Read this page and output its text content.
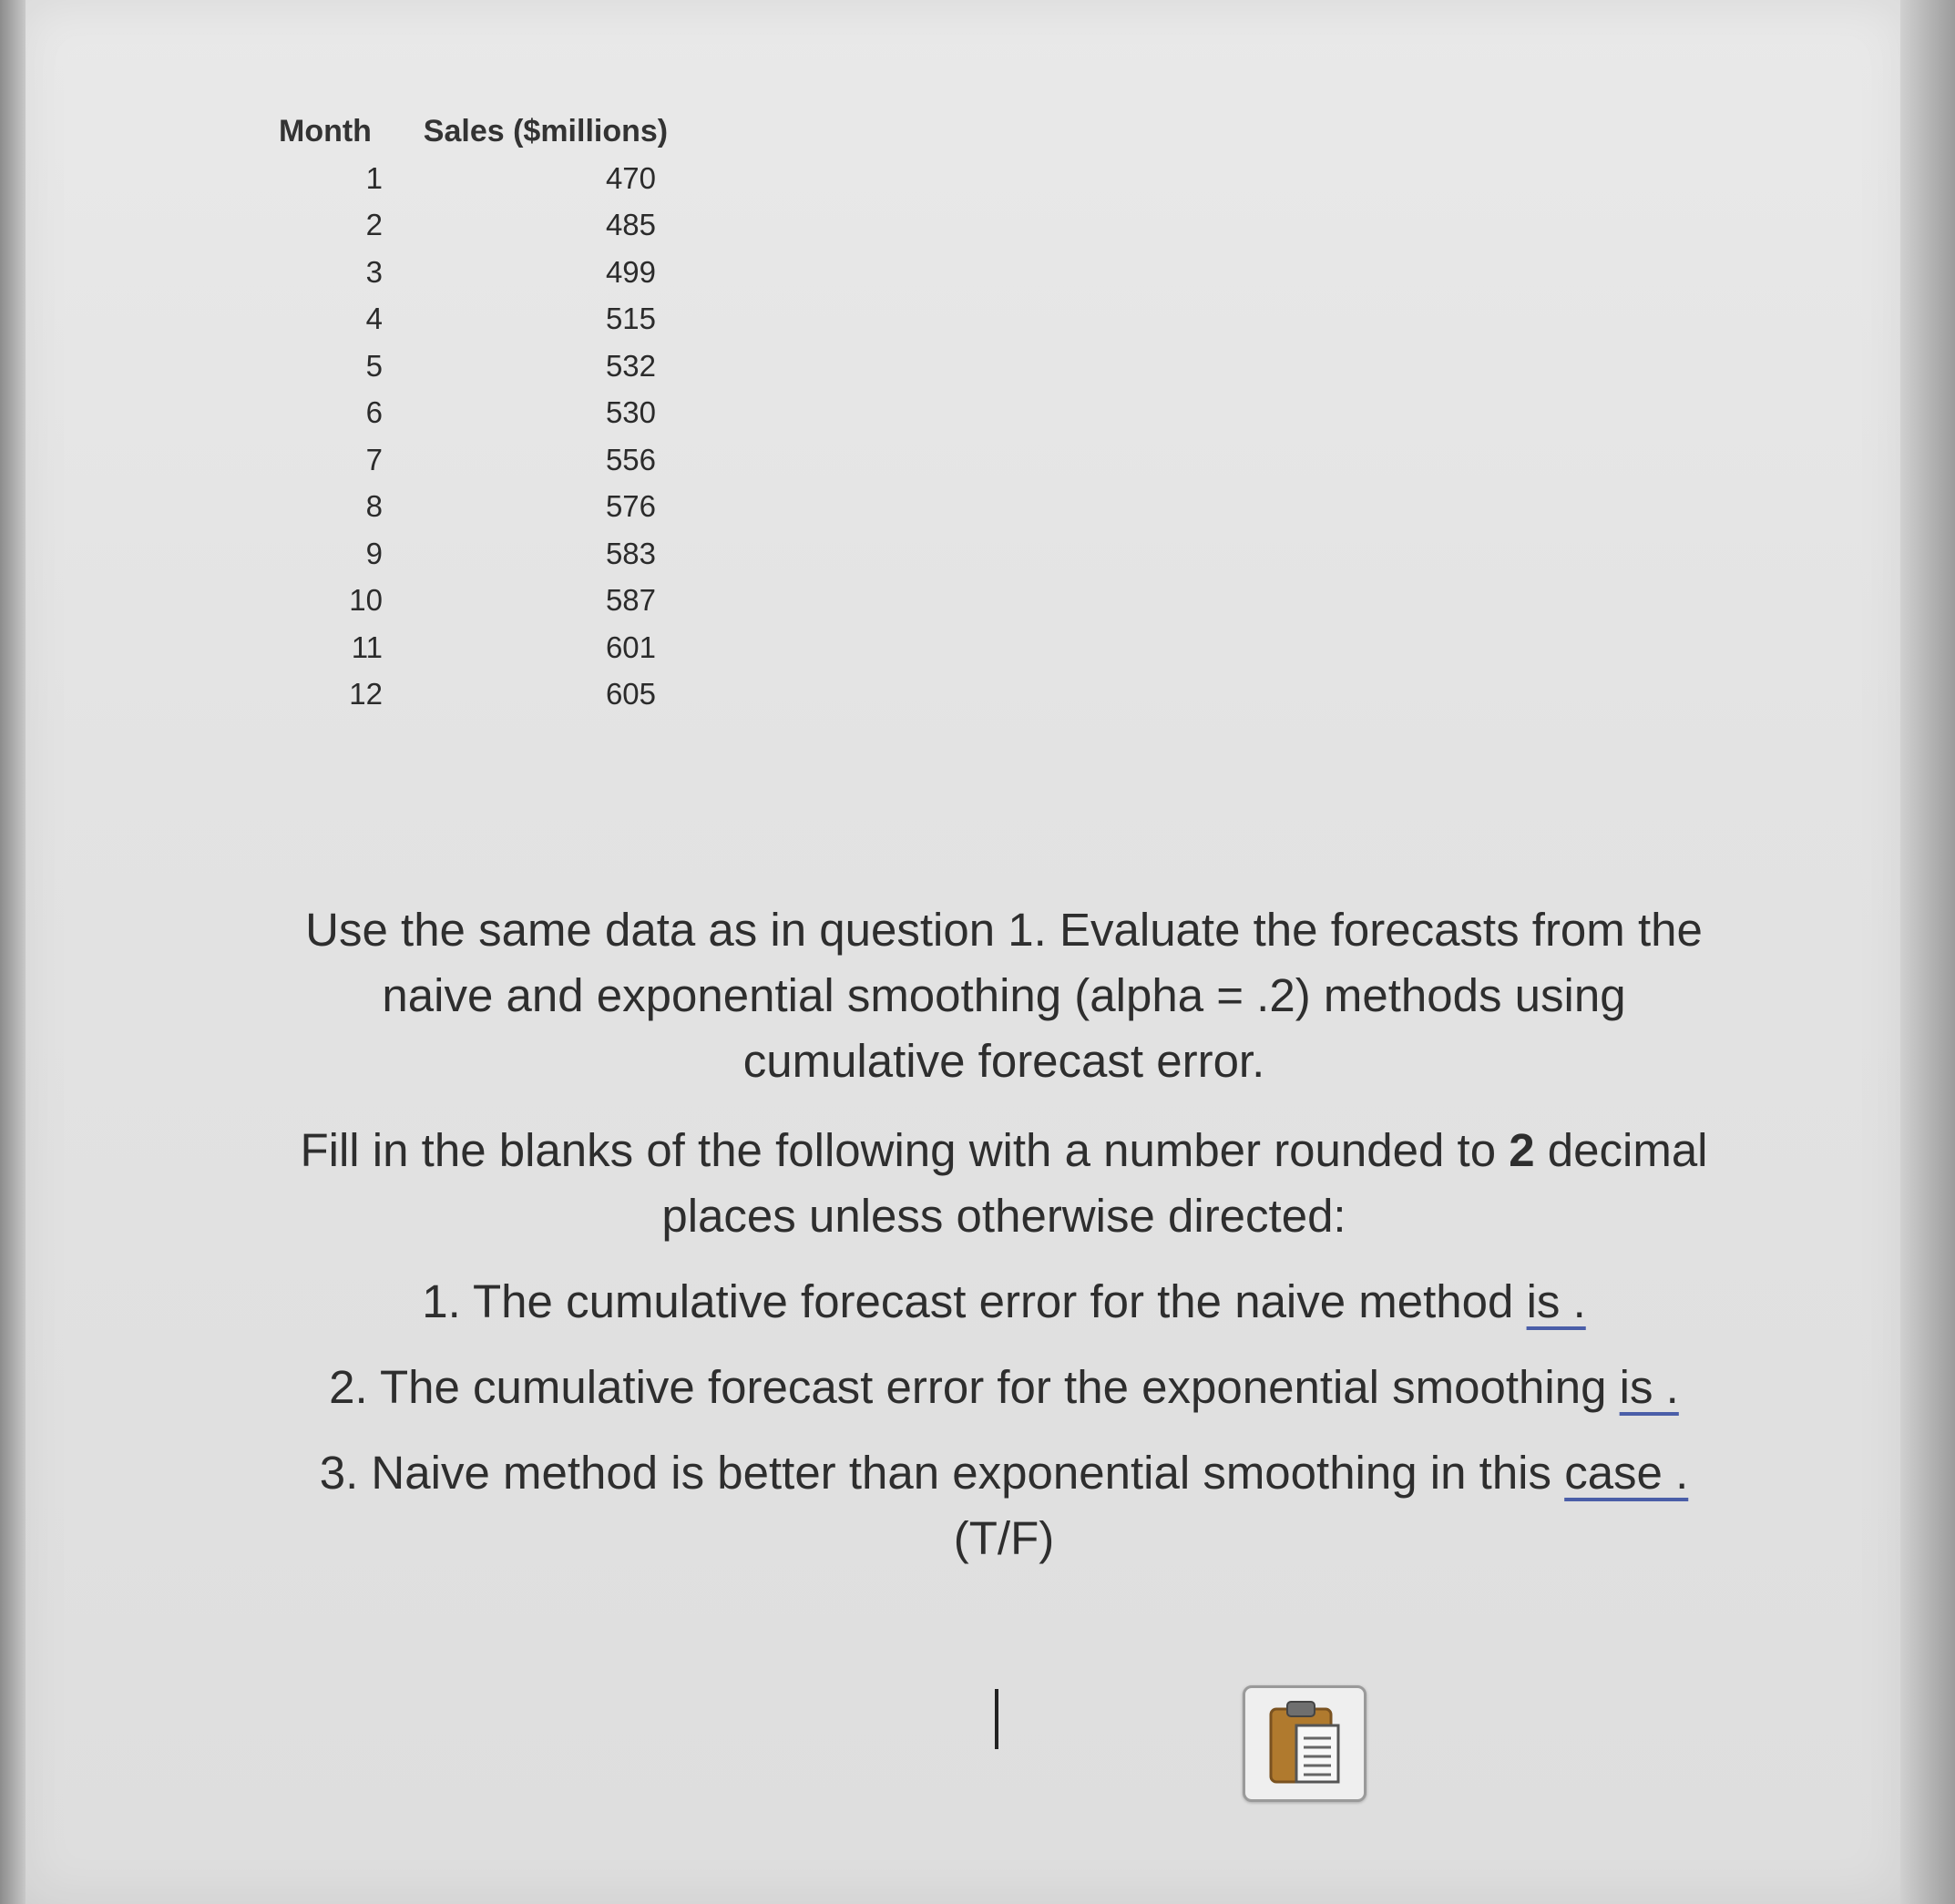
Month	Sales ($millions)
1	470
2	485
3	499
4	515
5	532
6	530
7	556
8	576
9	583
10	587
11	601
12	605

Use the same data as in question 1. Evaluate the forecasts from the naive and exponential smoothing (alpha = .2) methods using cumulative forecast error.

Fill in the blanks of the following with a number rounded to 2 decimal places unless otherwise directed:
1. The cumulative forecast error for the naive method is .
2. The cumulative forecast error for the exponential smoothing is .
3. Naive method is better than exponential smoothing in this case . (T/F)
